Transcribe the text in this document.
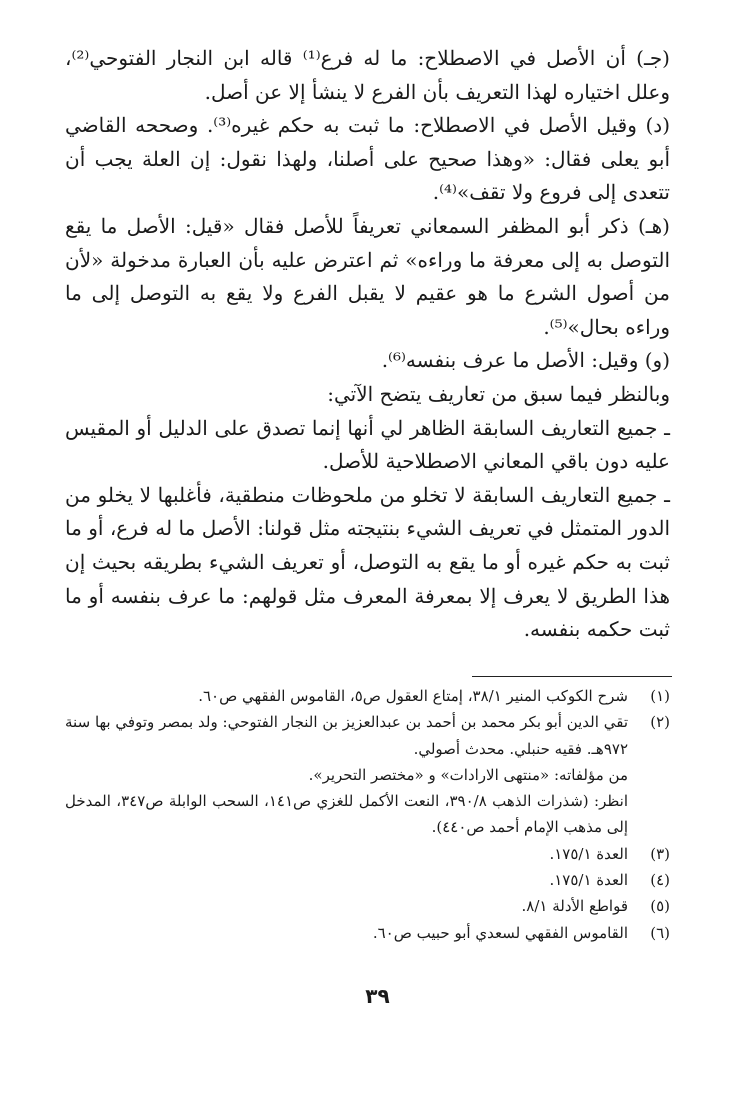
(جـ) أن الأصل في الاصطلاح: ما له فرع⁽¹⁾ قاله ابن النجار الفتوحي⁽²⁾، وعلل اختياره لهذا التعريف بأن الفرع لا ينشأ إلا عن أصل.

(د) وقيل الأصل في الاصطلاح: ما ثبت به حكم غيره⁽³⁾. وصححه القاضي أبو يعلى فقال: «وهذا صحيح على أصلنا، ولهذا نقول: إن العلة يجب أن تتعدى إلى فروع ولا تقف»⁽⁴⁾.

(هـ) ذكر أبو المظفر السمعاني تعريفاً للأصل فقال «قيل: الأصل ما يقع التوصل به إلى معرفة ما وراءه» ثم اعترض عليه بأن العبارة مدخولة «لأن من أصول الشرع ما هو عقيم لا يقبل الفرع ولا يقع به التوصل إلى ما وراءه بحال»⁽⁵⁾.

(و) وقيل: الأصل ما عرف بنفسه⁽⁶⁾.

وبالنظر فيما سبق من تعاريف يتضح الآتي:

ـ جميع التعاريف السابقة الظاهر لي أنها إنما تصدق على الدليل أو المقيس عليه دون باقي المعاني الاصطلاحية للأصل.

ـ جميع التعاريف السابقة لا تخلو من ملحوظات منطقية، فأغلبها لا يخلو من الدور المتمثل في تعريف الشيء بنتيجته مثل قولنا: الأصل ما له فرع، أو ما ثبت به حكم غيره أو ما يقع به التوصل، أو تعريف الشيء بطريقه بحيث إن هذا الطريق لا يعرف إلا بمعرفة المعرف مثل قولهم: ما عرف بنفسه أو ما ثبت حكمه بنفسه.

(١)

شرح الكوكب المنير ٣٨/١، إمتاع العقول ص٥، القاموس الفقهي ص٦٠.

(٢)

تقي الدين أبو بكر محمد بن أحمد بن عبدالعزيز بن النجار الفتوحي: ولد بمصر وتوفي بها سنة ٩٧٢هـ. فقيه حنبلي. محدث أصولي.

من مؤلفاته: «منتهى الارادات» و «مختصر التحرير».

انظر: (شذرات الذهب ٣٩٠/٨، النعت الأكمل للغزي ص١٤١، السحب الوابلة ص٣٤٧، المدخل إلى مذهب الإمام أحمد ص٤٤٠).

(٣)

العدة ١٧٥/١.

(٤)

العدة ١٧٥/١.

(٥)

قواطع الأدلة ٨/١.

(٦)

القاموس الفقهي لسعدي أبو حبيب ص٦٠.

٣٩
